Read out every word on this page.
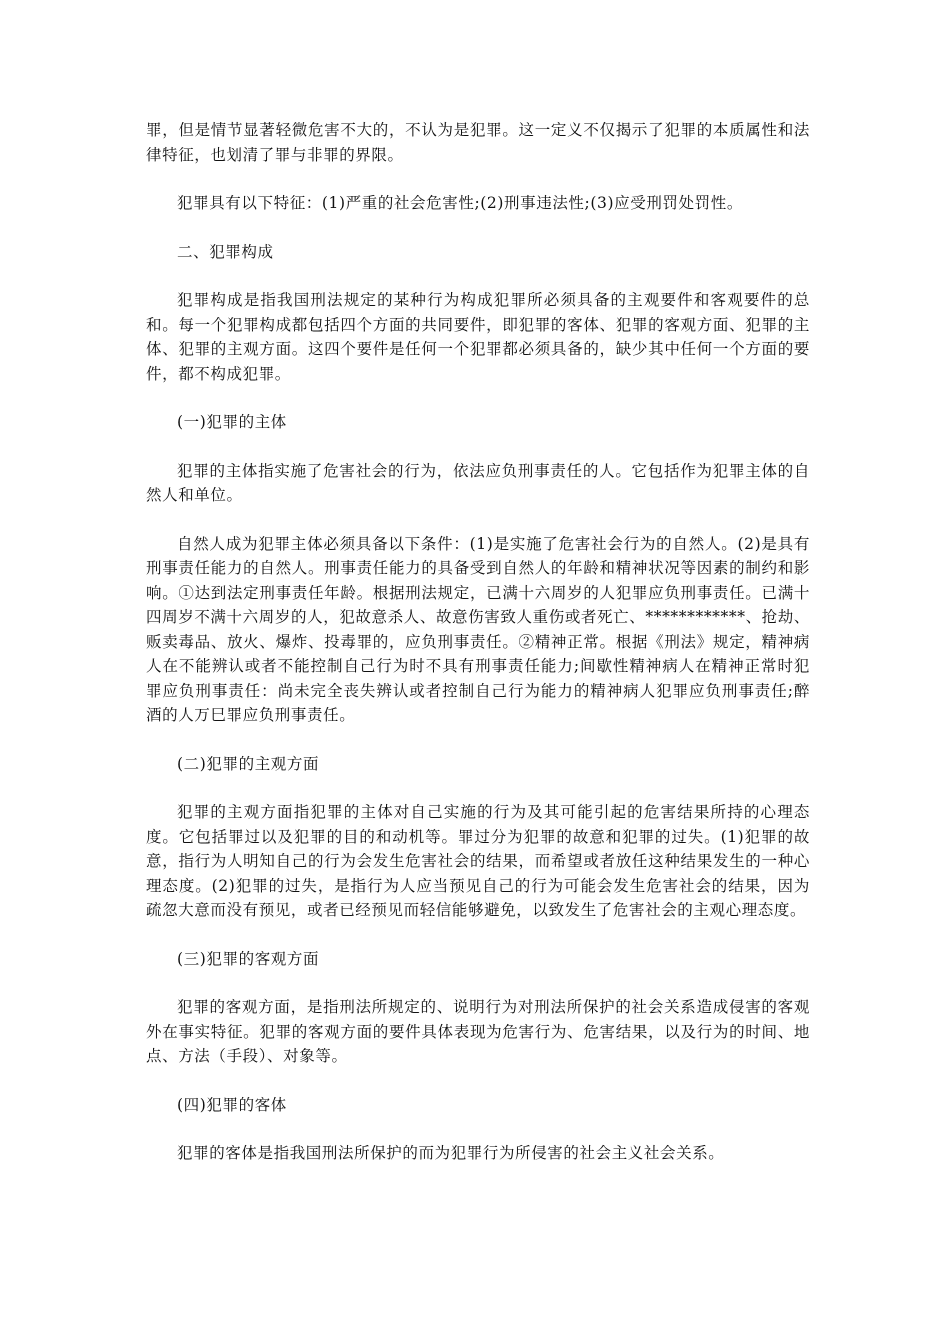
罪，但是情节显著轻微危害不大的，不认为是犯罪。这一定义不仅揭示了犯罪的本质属性和法律特征，也划清了罪与非罪的界限。

犯罪具有以下特征：(1)严重的社会危害性;(2)刑事违法性;(3)应受刑罚处罚性。

二、犯罪构成

犯罪构成是指我国刑法规定的某种行为构成犯罪所必须具备的主观要件和客观要件的总和。每一个犯罪构成都包括四个方面的共同要件，即犯罪的客体、犯罪的客观方面、犯罪的主体、犯罪的主观方面。这四个要件是任何一个犯罪都必须具备的，缺少其中任何一个方面的要件，都不构成犯罪。

(一)犯罪的主体

犯罪的主体指实施了危害社会的行为，依法应负刑事责任的人。它包括作为犯罪主体的自然人和单位。

自然人成为犯罪主体必须具备以下条件：(1)是实施了危害社会行为的自然人。(2)是具有刑事责任能力的自然人。刑事责任能力的具备受到自然人的年龄和精神状况等因素的制约和影响。①达到法定刑事责任年龄。根据刑法规定，已满十六周岁的人犯罪应负刑事责任。已满十四周岁不满十六周岁的人，犯故意杀人、故意伤害致人重伤或者死亡、************、抢劫、贩卖毒品、放火、爆炸、投毒罪的，应负刑事责任。②精神正常。根据《刑法》规定，精神病人在不能辨认或者不能控制自己行为时不具有刑事责任能力;间歇性精神病人在精神正常时犯罪应负刑事责任：尚未完全丧失辨认或者控制自己行为能力的精神病人犯罪应负刑事责任;醉酒的人万巳罪应负刑事责任。

(二)犯罪的主观方面

犯罪的主观方面指犯罪的主体对自己实施的行为及其可能引起的危害结果所持的心理态度。它包括罪过以及犯罪的目的和动机等。罪过分为犯罪的故意和犯罪的过失。(1)犯罪的故意，指行为人明知自己的行为会发生危害社会的结果，而希望或者放任这种结果发生的一种心理态度。(2)犯罪的过失，是指行为人应当预见自己的行为可能会发生危害社会的结果，因为疏忽大意而没有预见，或者已经预见而轻信能够避免，以致发生了危害社会的主观心理态度。

(三)犯罪的客观方面

犯罪的客观方面，是指刑法所规定的、说明行为对刑法所保护的社会关系造成侵害的客观外在事实特征。犯罪的客观方面的要件具体表现为危害行为、危害结果，以及行为的时间、地点、方法（手段）、对象等。

(四)犯罪的客体

犯罪的客体是指我国刑法所保护的而为犯罪行为所侵害的社会主义社会关系。
